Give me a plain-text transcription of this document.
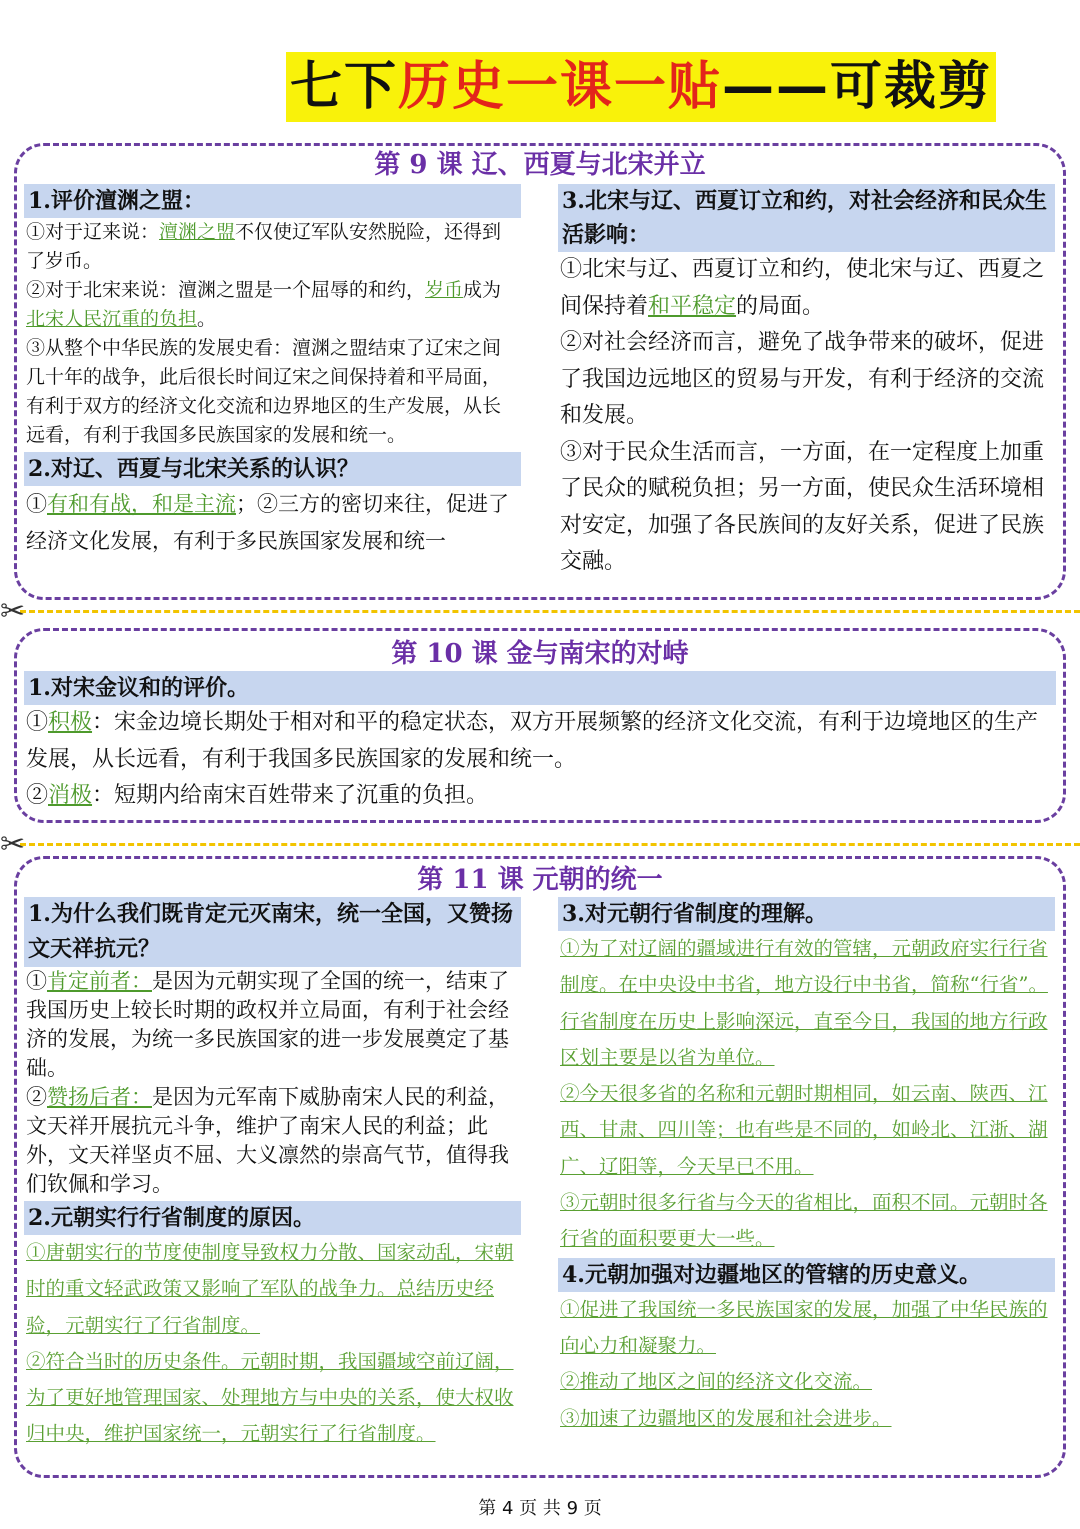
七下历史一课一贴——可裁剪
第 9 课 辽、西夏与北宋并立

1.评价澶渊之盟：

①对于辽来说：澶渊之盟不仅使辽军队安然脱险，还得到了岁币。

②对于北宋来说：澶渊之盟是一个屈辱的和约，岁币成为北宋人民沉重的负担。

③从整个中华民族的发展史看：澶渊之盟结束了辽宋之间几十年的战争，此后很长时间辽宋之间保持着和平局面，有利于双方的经济文化交流和边界地区的生产发展，从长远看，有利于我国多民族国家的发展和统一。

2.对辽、西夏与北宋关系的认识？

①有和有战，和是主流；②三方的密切来往，促进了经济文化发展，有利于多民族国家发展和统一

3.北宋与辽、西夏订立和约，对社会经济和民众生活影响：

①北宋与辽、西夏订立和约，使北宋与辽、西夏之间保持着和平稳定的局面。

②对社会经济而言，避免了战争带来的破坏，促进了我国边远地区的贸易与开发，有利于经济的交流和发展。

③对于民众生活而言，一方面，在一定程度上加重了民众的赋税负担；另一方面，使民众生活环境相对安定，加强了各民族间的友好关系，促进了民族交融。

✂
第 10 课 金与南宋的对峙

1.对宋金议和的评价。

①积极：宋金边境长期处于相对和平的稳定状态，双方开展频繁的经济文化交流，有利于边境地区的生产发展，从长远看，有利于我国多民族国家的发展和统一。

②消极：短期内给南宋百姓带来了沉重的负担。

✂
第 11 课 元朝的统一

1.为什么我们既肯定元灭南宋，统一全国，又赞扬文天祥抗元？

①肯定前者：是因为元朝实现了全国的统一，结束了我国历史上较长时期的政权并立局面，有利于社会经济的发展，为统一多民族国家的进一步发展奠定了基础。

②赞扬后者：是因为元军南下威胁南宋人民的利益，文天祥开展抗元斗争，维护了南宋人民的利益；此外，文天祥坚贞不屈、大义凛然的崇高气节，值得我们钦佩和学习。

2.元朝实行行省制度的原因。

①唐朝实行的节度使制度导致权力分散、国家动乱，宋朝时的重文轻武政策又影响了军队的战争力。总结历史经验，元朝实行了行省制度。

②符合当时的历史条件。元朝时期，我国疆域空前辽阔，为了更好地管理国家、处理地方与中央的关系，使大权收归中央，维护国家统一，元朝实行了行省制度。

3.对元朝行省制度的理解。

①为了对辽阔的疆域进行有效的管辖，元朝政府实行行省制度。在中央设中书省，地方设行中书省，简称“行省”。行省制度在历史上影响深远，直至今日，我国的地方行政区划主要是以省为单位。

②今天很多省的名称和元朝时期相同，如云南、陕西、江西、甘肃、四川等；也有些是不同的，如岭北、江浙、湖广、辽阳等，今天早已不用。

③元朝时很多行省与今天的省相比，面积不同。元朝时各行省的面积要更大一些。

4.元朝加强对边疆地区的管辖的历史意义。

①促进了我国统一多民族国家的发展，加强了中华民族的向心力和凝聚力。

②推动了地区之间的经济文化交流。

③加速了边疆地区的发展和社会进步。

第 4 页 共 9 页
